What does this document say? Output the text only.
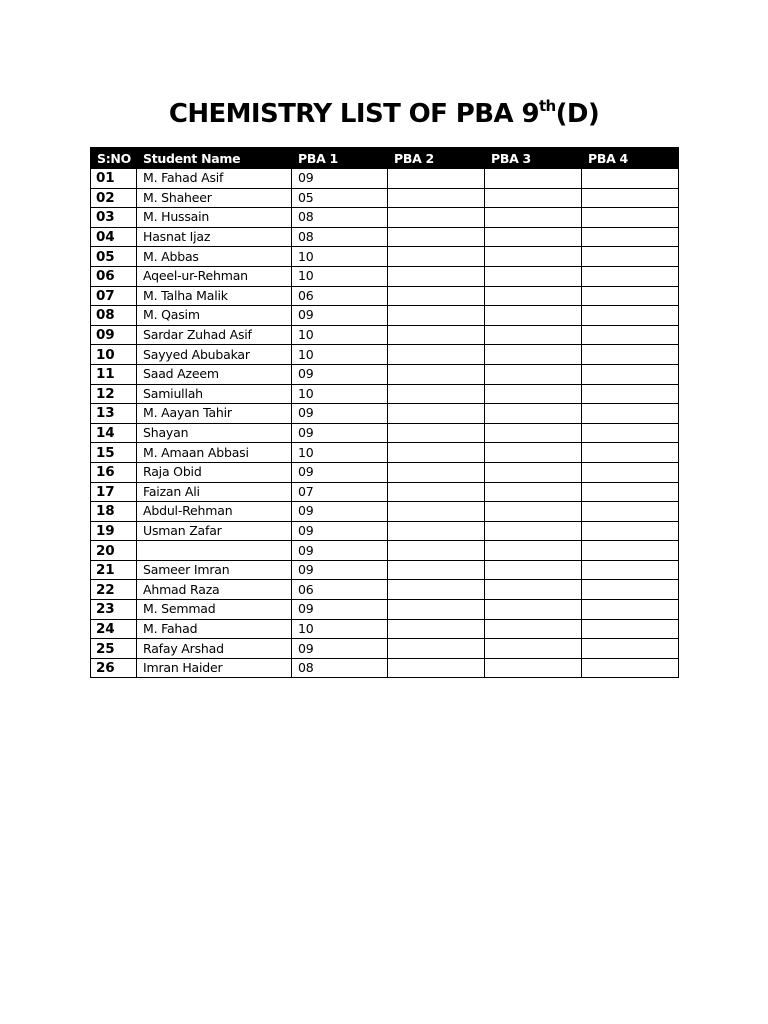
CHEMISTRY LIST OF PBA 9th(D)
S:NO	Student Name	PBA 1	PBA 2	PBA 3	PBA 4
01	M. Fahad Asif	09			
02	M. Shaheer	05			
03	M. Hussain	08			
04	Hasnat Ijaz	08			
05	M. Abbas	10			
06	Aqeel-ur-Rehman	10			
07	M. Talha Malik	06			
08	M. Qasim	09			
09	Sardar Zuhad Asif	10			
10	Sayyed Abubakar	10			
11	Saad Azeem	09			
12	Samiullah	10			
13	M. Aayan Tahir	09			
14	Shayan	09			
15	M. Amaan Abbasi	10			
16	Raja Obid	09			
17	Faizan Ali	07			
18	Abdul-Rehman	09			
19	Usman Zafar	09			
20		09			
21	Sameer Imran	09			
22	Ahmad Raza	06			
23	M. Semmad	09			
24	M. Fahad	10			
25	Rafay Arshad	09			
26	Imran Haider	08			
